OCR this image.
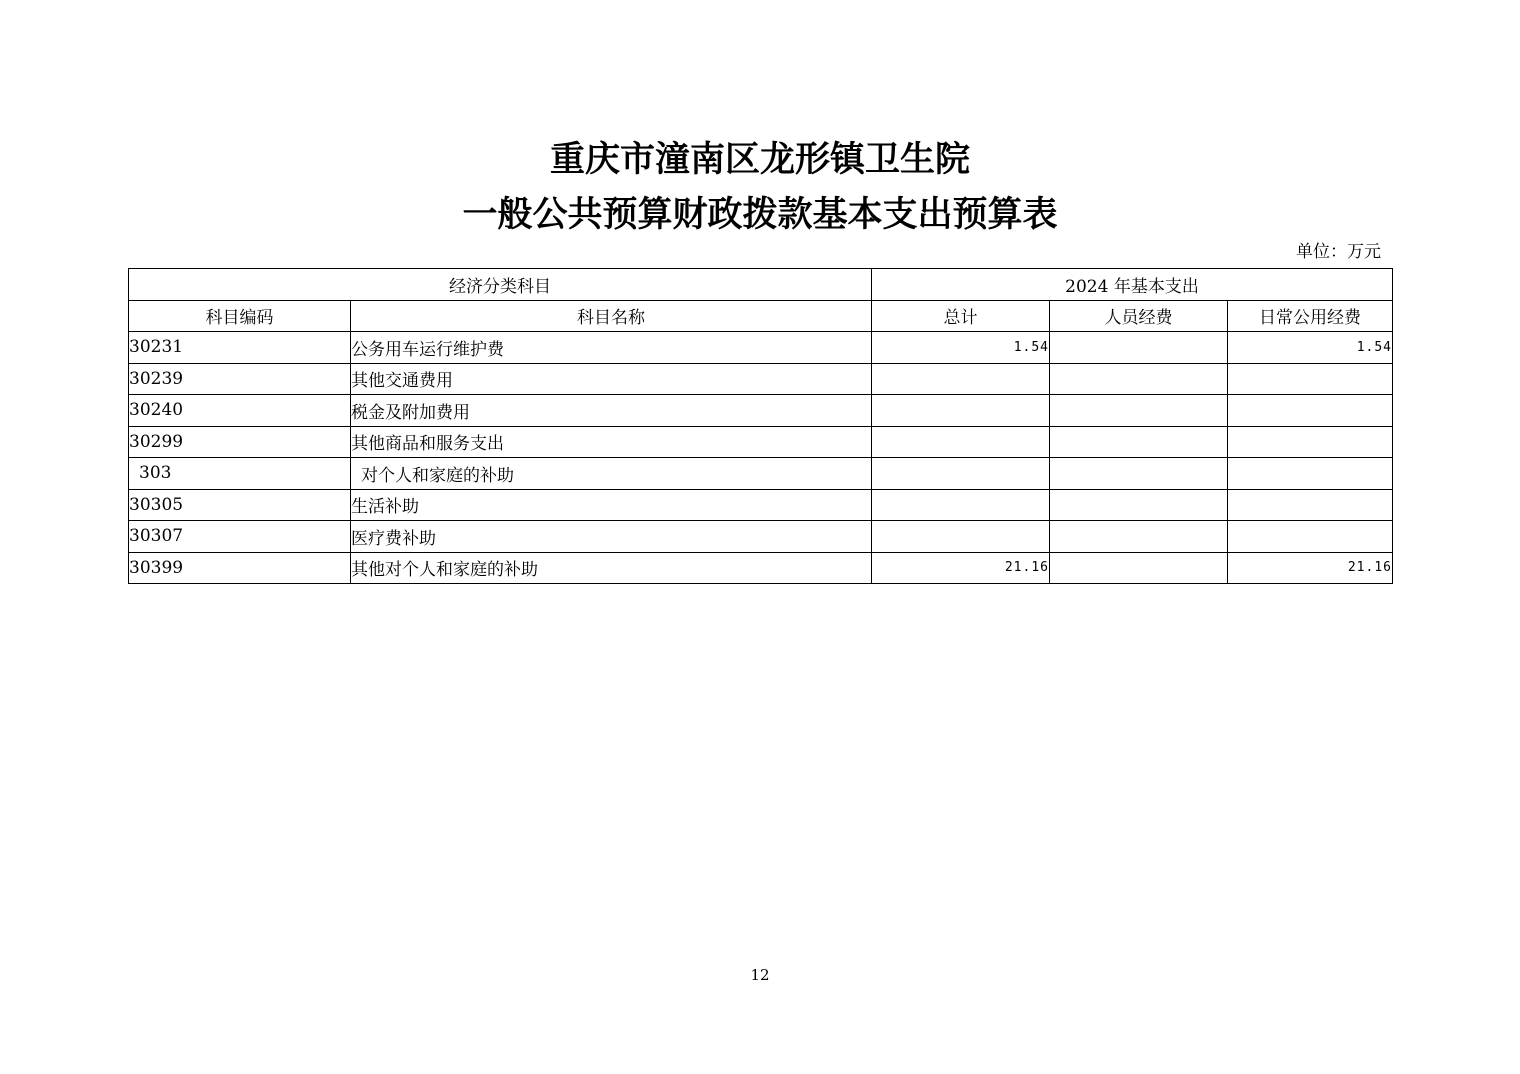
重庆市潼南区龙形镇卫生院
一般公共预算财政拨款基本支出预算表
单位：万元
经济分类科目		2024 年基本支出		
科目编码	科目名称	总计	人员经费	日常公用经费
30231	公务用车运行维护费	1.54		1.54
30239	其他交通费用			
30240	税金及附加费用			
30299	其他商品和服务支出			
303	对个人和家庭的补助			
30305	生活补助			
30307	医疗费补助			
30399	其他对个人和家庭的补助	21.16		21.16
12
